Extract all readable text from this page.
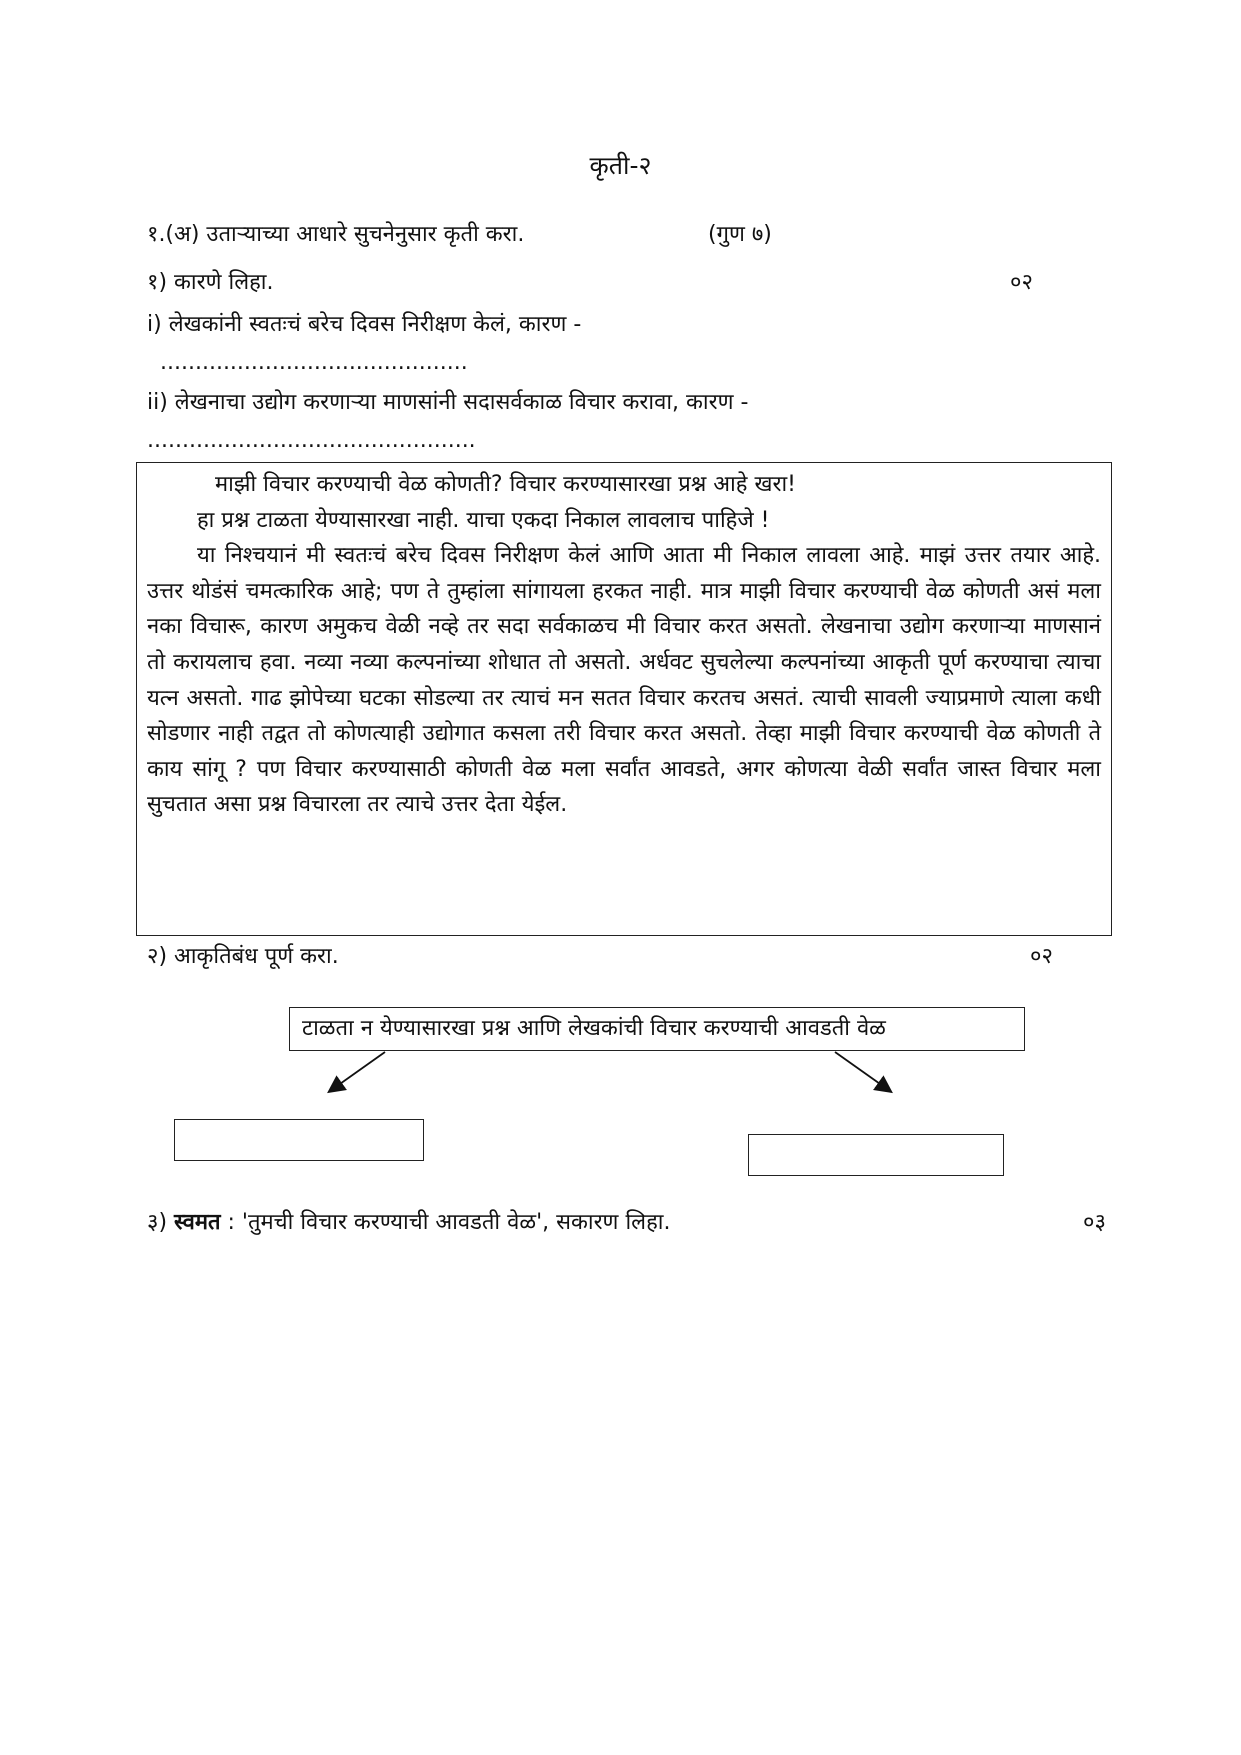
कृती-२
१.(अ) उताऱ्याच्या आधारे सुचनेनुसार कृती करा.	(गुण ७)
१) कारणे लिहा.	०२
i) लेखकांनी स्वतःचं बरेच दिवस निरीक्षण केलं, कारण -
............................................
ii) लेखनाचा उद्योग करणाऱ्या माणसांनी सदासर्वकाळ विचार करावा, कारण -
...............................................

माझी विचार करण्याची वेळ कोणती? विचार करण्यासारखा प्रश्न आहे खरा!

हा प्रश्न टाळता येण्यासारखा नाही. याचा एकदा निकाल लावलाच पाहिजे !

या निश्चयानं मी स्वतःचं बरेच दिवस निरीक्षण केलं आणि आता मी निकाल लावला आहे. माझं उत्तर तयार आहे. उत्तर थोडंसं चमत्कारिक आहे; पण ते तुम्हांला सांगायला हरकत नाही. मात्र माझी विचार करण्याची वेळ कोणती असं मला नका विचारू, कारण अमुकच वेळी नव्हे तर सदा सर्वकाळच मी विचार करत असतो. लेखनाचा उद्योग करणाऱ्या माणसानं तो करायलाच हवा. नव्या नव्या कल्पनांच्या शोधात तो असतो. अर्धवट सुचलेल्या कल्पनांच्या आकृती पूर्ण करण्याचा त्याचा यत्न असतो. गाढ झोपेच्या घटका सोडल्या तर त्याचं मन सतत विचार करतच असतं. त्याची सावली ज्याप्रमाणे त्याला कधी सोडणार नाही तद्वत तो कोणत्याही उद्योगात कसला तरी विचार करत असतो. तेव्हा माझी विचार करण्याची वेळ कोणती ते काय सांगू ? पण विचार करण्यासाठी कोणती वेळ मला सर्वांत आवडते, अगर कोणत्या वेळी सर्वांत जास्त विचार मला सुचतात असा प्रश्न विचारला तर त्याचे उत्तर देता येईल.

२) आकृतिबंध पूर्ण करा.	०२
टाळता न येण्यासारखा प्रश्न आणि लेखकांची विचार करण्याची आवडती वेळ
३) स्वमत : 'तुमची विचार करण्याची आवडती वेळ', सकारण लिहा.	०३
